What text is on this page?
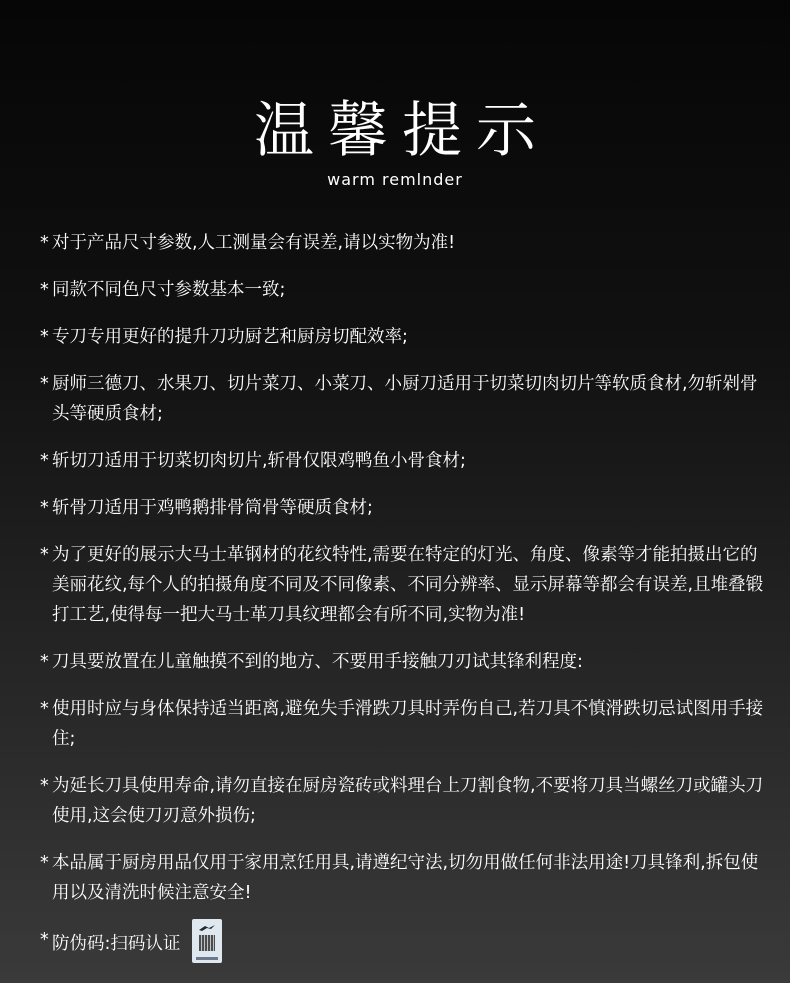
温馨提示
warm remlnder
* 对于产品尺寸参数,人工测量会有误差,请以实物为准!
* 同款不同色尺寸参数基本一致;
* 专刀专用更好的提升刀功厨艺和厨房切配效率;
* 厨师三德刀、水果刀、切片菜刀、小菜刀、小厨刀适用于切菜切肉切片等软质食材,勿斩剁骨头等硬质食材;
* 斩切刀适用于切菜切肉切片,斩骨仅限鸡鸭鱼小骨食材;
* 斩骨刀适用于鸡鸭鹅排骨筒骨等硬质食材;
* 为了更好的展示大马士革钢材的花纹特性,需要在特定的灯光、角度、像素等才能拍摄出它的美丽花纹,每个人的拍摄角度不同及不同像素、不同分辨率、显示屏幕等都会有误差,且堆叠锻打工艺,使得每一把大马士革刀具纹理都会有所不同,实物为准!
* 刀具要放置在儿童触摸不到的地方、不要用手接触刀刃试其锋利程度:
* 使用时应与身体保持适当距离,避免失手滑跌刀具时弄伤自己,若刀具不慎滑跌切忌试图用手接住;
* 为延长刀具使用寿命,请勿直接在厨房瓷砖或料理台上刀割食物,不要将刀具当螺丝刀或罐头刀使用,这会使刀刃意外损伤;
* 本品属于厨房用品仅用于家用烹饪用具,请遵纪守法,切勿用做任何非法用途!刀具锋利,拆包使用以及清洗时候注意安全!
* 防伪码:扫码认证
